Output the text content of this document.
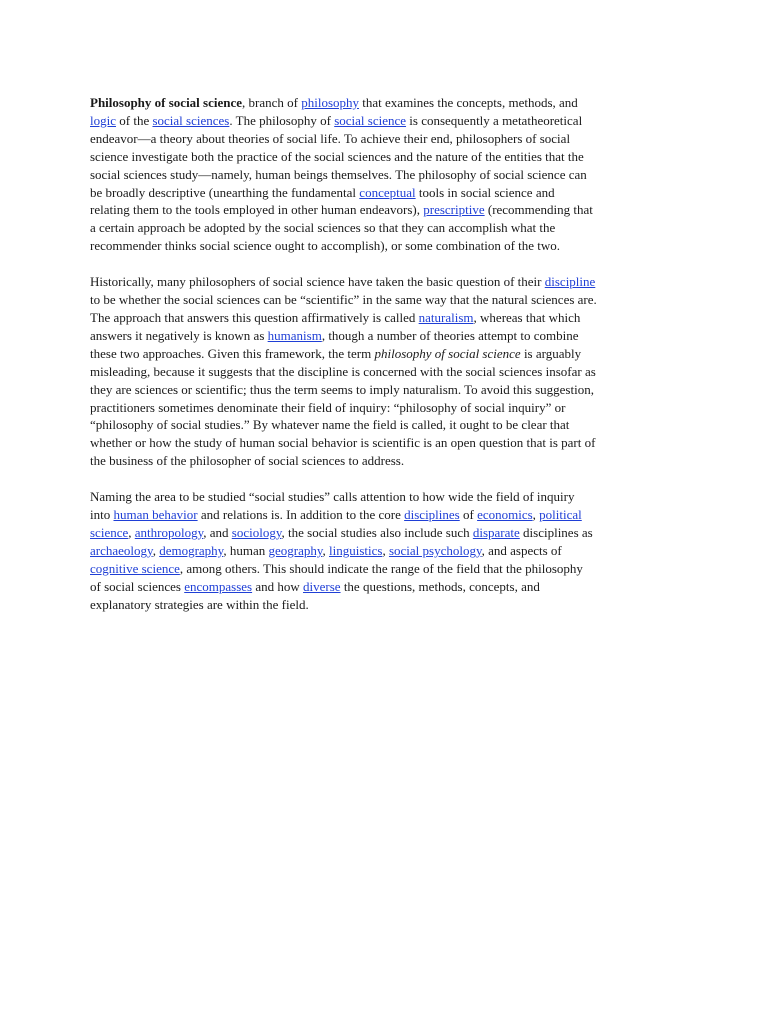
Philosophy of social science, branch of philosophy that examines the concepts, methods, and
logic of the social sciences. The philosophy of social science is consequently a metatheoretical
endeavor—a theory about theories of social life. To achieve their end, philosophers of social
science investigate both the practice of the social sciences and the nature of the entities that the
social sciences study—namely, human beings themselves. The philosophy of social science can
be broadly descriptive (unearthing the fundamental conceptual tools in social science and
relating them to the tools employed in other human endeavors), prescriptive (recommending that
a certain approach be adopted by the social sciences so that they can accomplish what the
recommender thinks social science ought to accomplish), or some combination of the two.

Historically, many philosophers of social science have taken the basic question of their discipline
to be whether the social sciences can be “scientific” in the same way that the natural sciences are.
The approach that answers this question affirmatively is called naturalism, whereas that which
answers it negatively is known as humanism, though a number of theories attempt to combine
these two approaches. Given this framework, the term philosophy of social science is arguably
misleading, because it suggests that the discipline is concerned with the social sciences insofar as
they are sciences or scientific; thus the term seems to imply naturalism. To avoid this suggestion,
practitioners sometimes denominate their field of inquiry: “philosophy of social inquiry” or
“philosophy of social studies.” By whatever name the field is called, it ought to be clear that
whether or how the study of human social behavior is scientific is an open question that is part of
the business of the philosopher of social sciences to address.

Naming the area to be studied “social studies” calls attention to how wide the field of inquiry
into human behavior and relations is. In addition to the core disciplines of economics, political
science, anthropology, and sociology, the social studies also include such disparate disciplines as
archaeology, demography, human geography, linguistics, social psychology, and aspects of
cognitive science, among others. This should indicate the range of the field that the philosophy
of social sciences encompasses and how diverse the questions, methods, concepts, and
explanatory strategies are within the field.
